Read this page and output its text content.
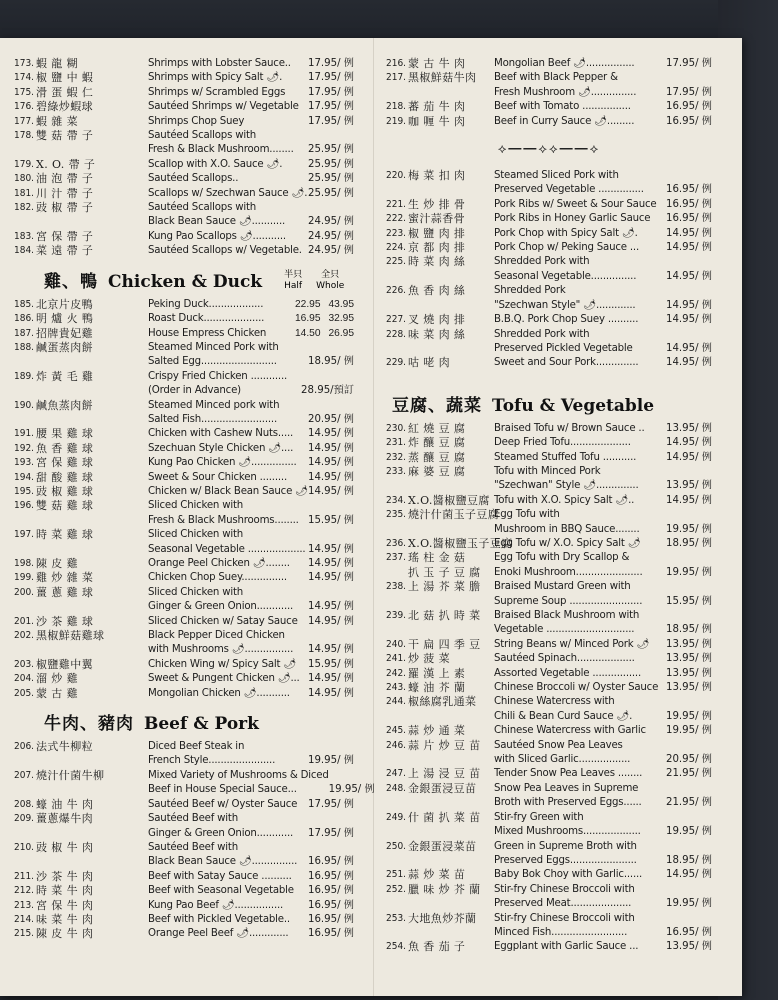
173. 蝦 龍 糊	Shrimps with Lobster Sauce..	17.95/ 例
174. 椒 鹽 中 蝦	Shrimps with Spicy Salt 🌶.	17.95/ 例
175. 滑 蛋 蝦 仁	Shrimps w/ Scrambled Eggs	17.95/ 例
176. 碧綠炒蝦球	Sautéed Shrimps w/ Vegetable 17.95/ 例
177. 蝦 雜 菜	Shrimps Chop Suey	17.95/ 例
178. 雙 菇 帶 子	Sautéed Scallops with
Fresh & Black Mushroom........	25.95/ 例
179. X. O. 帶 子	Scallop with X.O. Sauce 🌶.	25.95/ 例
180. 油 泡 帶 子	Sautéed Scallops..	25.95/ 例
181. 川 汁 帶 子	Scallops w/ Szechwan Sauce 🌶. 25.95/ 例
182. 豉 椒 帶 子	Sautéed Scallops with
Black Bean Sauce 🌶...........	24.95/ 例
183. 宮 保 帶 子	Kung Pao Scallops 🌶...........	24.95/ 例
184. 菜 遠 帶 子	Sautéed Scallops w/ Vegetable. 24.95/ 例
雞、鴨 Chicken & Duck 半只
Half
全只
Whole
185. 北京片皮鴨	Peking Duck..................	22.95 43.95
186. 明 爐 火 鴨	Roast Duck....................	16.95 32.95
187. 招牌貴妃雞	House Empress Chicken	14.50 26.95
188. 鹹蛋蒸肉餅	Steamed Minced Pork with
Salted Egg.........................	18.95/ 例
189. 炸 黃 毛 雞	Crispy Fried Chicken ............
(Order in Advance)	28.95/預訂
190. 鹹魚蒸肉餅	Steamed Minced pork with
Salted Fish.........................	20.95/ 例
191. 腰 果 雞 球	Chicken with Cashew Nuts.....	14.95/ 例
192. 魚 香 雞 球	Szechuan Style Chicken 🌶....	14.95/ 例
193. 宮 保 雞 球	Kung Pao Chicken 🌶...............	14.95/ 例
194. 甜 酸 雞 球	Sweet & Sour Chicken .........	14.95/ 例
195. 豉 椒 雞 球	Chicken w/ Black Bean Sauce 🌶 14.95/ 例
196. 雙 菇 雞 球	Sliced Chicken with
Fresh & Black Mushrooms........ 15.95/ 例
197. 時 菜 雞 球	Sliced Chicken with
Seasonal Vegetable ................... 14.95/ 例
198. 陳 皮 雞	Orange Peel Chicken 🌶........	14.95/ 例
199. 雞 炒 雜 菜	Chicken Chop Suey...............	14.95/ 例
200. 薑 蔥 雞 球	Sliced Chicken with
Ginger & Green Onion............	14.95/ 例
201. 沙 茶 雞 球	Sliced Chicken w/ Satay Sauce	14.95/ 例
202. 黑椒鮮菇雞球	Black Pepper Diced Chicken
with Mushrooms 🌶................	14.95/ 例
203. 椒鹽雞中翼	Chicken Wing w/ Spicy Salt 🌶	15.95/ 例
204. 溜 炒 雞	Sweet & Pungent Chicken 🌶... 14.95/ 例
205. 蒙 古 雞	Mongolian Chicken 🌶...........	14.95/ 例
牛肉、豬肉 Beef & Pork
206. 法式牛柳粒	Diced Beef Steak in
French Style......................	19.95/ 例
207. 燒汁什菌牛柳	Mixed Variety of Mushrooms & Diced
Beef in House Special Sauce...	19.95/ 例
208. 蠔 油 牛 肉	Sautéed Beef w/ Oyster Sauce	17.95/ 例
209. 薑蔥爆牛肉	Sautéed Beef with
Ginger & Green Onion............	17.95/ 例
210. 豉 椒 牛 肉	Sautéed Beef with
Black Bean Sauce 🌶...............	16.95/ 例
211. 沙 茶 牛 肉	Beef with Satay Sauce ..........	16.95/ 例
212. 時 菜 牛 肉	Beef with Seasonal Vegetable	16.95/ 例
213. 宮 保 牛 肉	Kung Pao Beef 🌶................	16.95/ 例
214. 味 菜 牛 肉	Beef with Pickled Vegetable..	16.95/ 例
215. 陳 皮 牛 肉	Orange Peel Beef 🌶.............	16.95/ 例
216. 蒙 古 牛 肉	Mongolian Beef 🌶................	17.95/ 例
217. 黑椒鮮菇牛肉	Beef with Black Pepper &
Fresh Mushroom 🌶...............	17.95/ 例
218. 蕃 茄 牛 肉	Beef with Tomato ................	16.95/ 例
219. 咖 喱 牛 肉	Beef in Curry Sauce 🌶.........	16.95/ 例
⟡━━⟡⟡━━⟡
220. 梅 菜 扣 肉	Steamed Sliced Pork with
Preserved Vegetable ...............	16.95/ 例
221. 生 炒 排 骨	Pork Ribs w/ Sweet & Sour Sauce 16.95/ 例
222. 蜜汁蒜香骨	Pork Ribs in Honey Garlic Sauce	16.95/ 例
223. 椒 鹽 肉 排	Pork Chop with Spicy Salt 🌶.	14.95/ 例
224. 京 都 肉 排	Pork Chop w/ Peking Sauce ...	14.95/ 例
225. 時 菜 肉 絲	Shredded Pork with
Seasonal Vegetable...............	14.95/ 例
226. 魚 香 肉 絲	Shredded Pork
"Szechwan Style" 🌶.............	14.95/ 例
227. 叉 燒 肉 排	B.B.Q. Pork Chop Suey ..........	14.95/ 例
228. 味 菜 肉 絲	Shredded Pork with
Preserved Pickled Vegetable	14.95/ 例
229. 咕 咾 肉	Sweet and Sour Pork..............	14.95/ 例
豆腐、蔬菜 Tofu & Vegetable
230. 紅 燒 豆 腐	Braised Tofu w/ Brown Sauce ..	13.95/ 例
231. 炸 釀 豆 腐	Deep Fried Tofu....................	14.95/ 例
232. 蒸 釀 豆 腐	Steamed Stuffed Tofu ...........	14.95/ 例
233. 麻 婆 豆 腐	Tofu with Minced Pork
"Szechwan" Style 🌶..............	13.95/ 例
234. X.O.醬椒鹽豆腐 Tofu with X.O. Spicy Salt 🌶..	14.95/ 例
235. 燒汁什菌玉子豆腐
Egg Tofu with
Mushroom in BBQ Sauce........	19.95/ 例
236. X.O.醬椒鹽玉子豆腐
Egg Tofu w/ X.O. Spicy Salt 🌶	18.95/ 例
237. 瑤 柱 金 菇	Egg Tofu with Dry Scallop &
扒 玉 子 豆 腐	Enoki Mushroom......................	19.95/ 例
238. 上 湯 芥 菜 膽	Braised Mustard Green with
Supreme Soup ........................	15.95/ 例
239. 北 菇 扒 時 菜	Braised Black Mushroom with
Vegetable .............................	18.95/ 例
240. 干 扁 四 季 豆	String Beans w/ Minced Pork 🌶	13.95/ 例
241. 炒 菠 菜	Sautéed Spinach...................	13.95/ 例
242. 羅 漢 上 素	Assorted Vegetable ................	13.95/ 例
243. 蠔 油 芥 蘭	Chinese Broccoli w/ Oyster Sauce 13.95/ 例
244. 椒絲腐乳通菜	Chinese Watercress with
Chili & Bean Curd Sauce 🌶.	19.95/ 例
245. 蒜 炒 通 菜	Chinese Watercress with Garlic	19.95/ 例
246. 蒜 片 炒 豆 苗	Sautéed Snow Pea Leaves
with Sliced Garlic.................	20.95/ 例
247. 上 湯 浸 豆 苗	Tender Snow Pea Leaves ........	21.95/ 例
248. 金銀蛋浸豆苗	Snow Pea Leaves in Supreme
Broth with Preserved Eggs......	21.95/ 例
249. 什 菌 扒 菜 苗	Stir-fry Green with
Mixed Mushrooms...................	19.95/ 例
250. 金銀蛋浸菜苗	Green in Supreme Broth with
Preserved Eggs......................	18.95/ 例
251. 蒜 炒 菜 苗	Baby Bok Choy with Garlic......	14.95/ 例
252. 臘 味 炒 芥 蘭	Stir-fry Chinese Broccoli with
Preserved Meat....................	19.95/ 例
253. 大地魚炒芥蘭	Stir-fry Chinese Broccoli with
Minced Fish.........................	16.95/ 例
254. 魚 香 茄 子	Eggplant with Garlic Sauce ...	13.95/ 例
